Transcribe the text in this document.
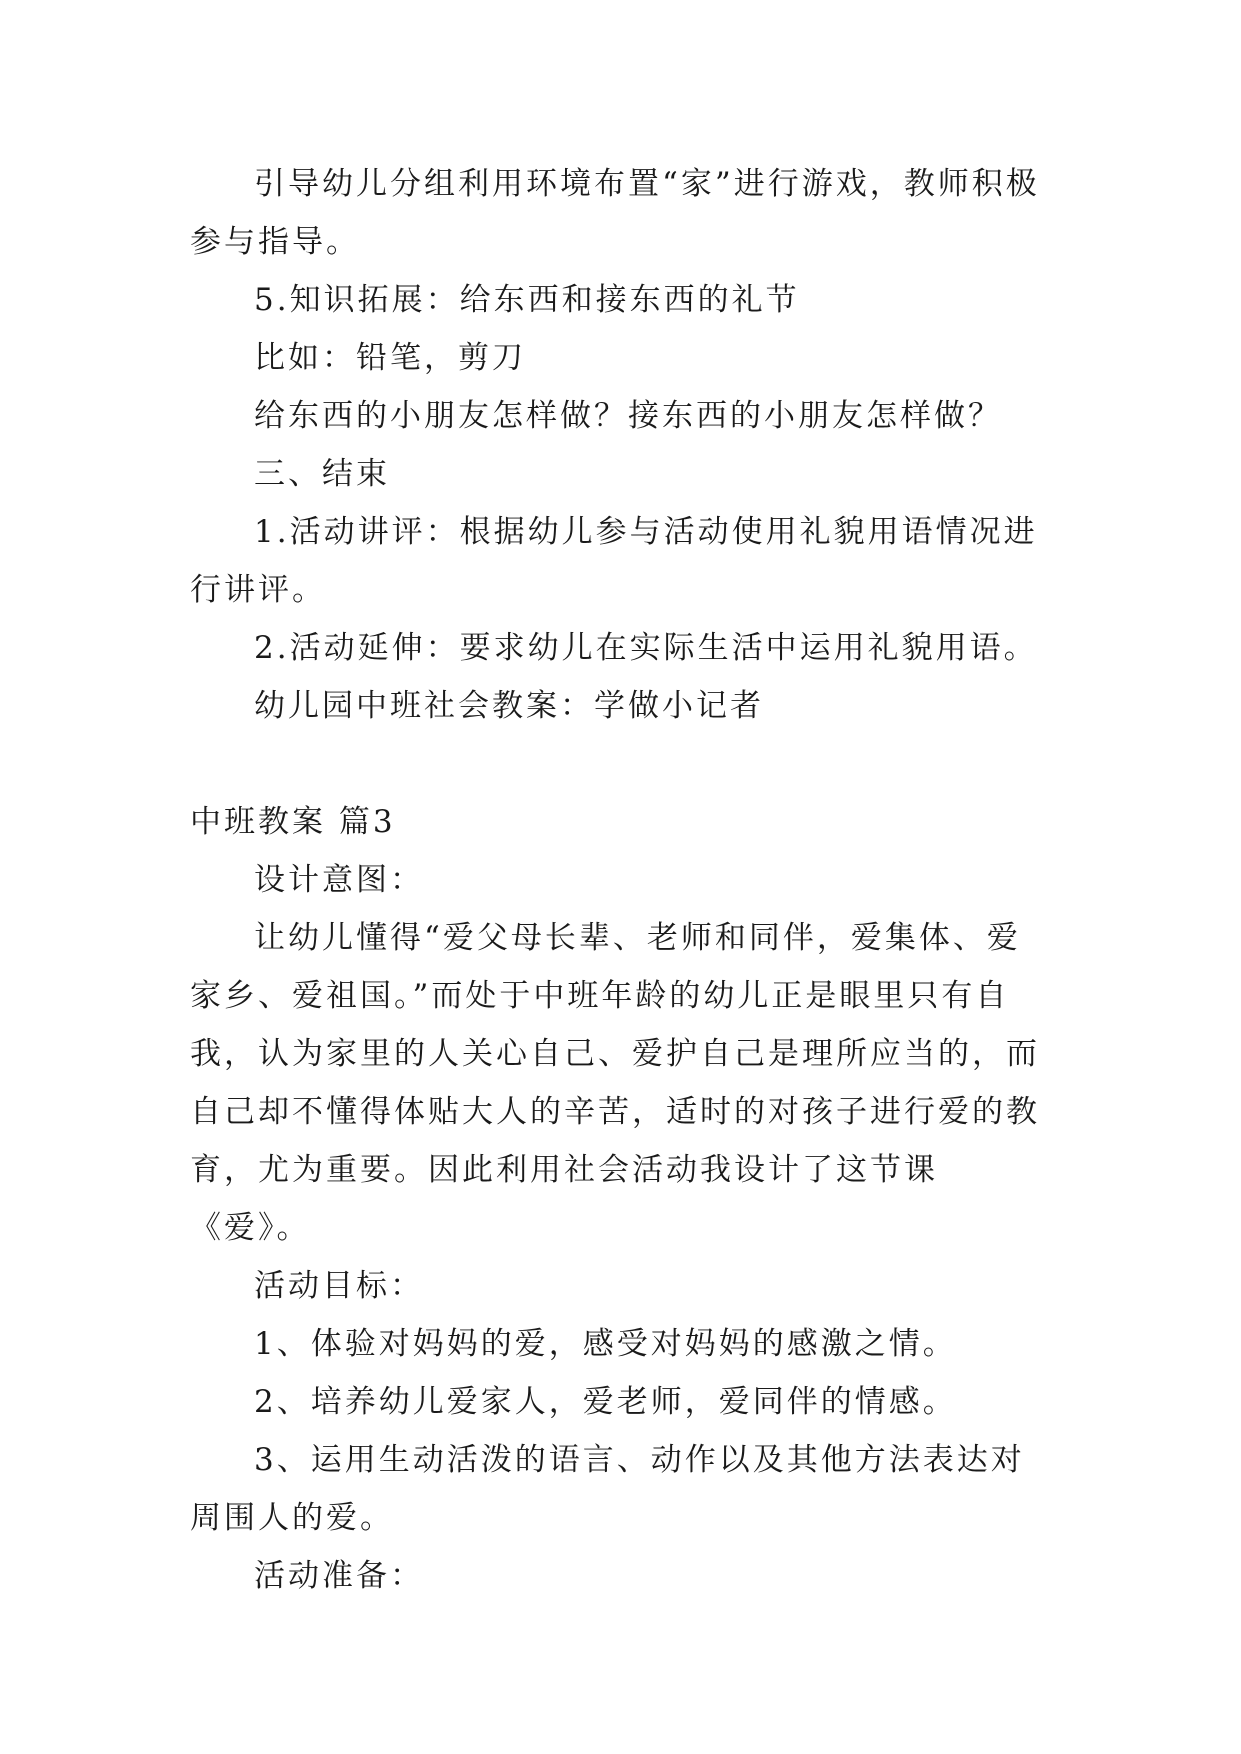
引导幼儿分组利用环境布置“家”进行游戏，教师积极参与指导。

5.知识拓展：给东西和接东西的礼节

比如：铅笔，剪刀

给东西的小朋友怎样做？接东西的小朋友怎样做？

三、结束

1.活动讲评：根据幼儿参与活动使用礼貌用语情况进行讲评。

2.活动延伸：要求幼儿在实际生活中运用礼貌用语。

幼儿园中班社会教案：学做小记者

中班教案 篇3

设计意图：

让幼儿懂得“爱父母长辈、老师和同伴，爱集体、爱家乡、爱祖国。”而处于中班年龄的幼儿正是眼里只有自我，认为家里的人关心自己、爱护自己是理所应当的，而自己却不懂得体贴大人的辛苦，适时的对孩子进行爱的教育，尤为重要。因此利用社会活动我设计了这节课《爱》。

活动目标：

1、体验对妈妈的爱，感受对妈妈的感激之情。

2、培养幼儿爱家人，爱老师，爱同伴的情感。

3、运用生动活泼的语言、动作以及其他方法表达对周围人的爱。

活动准备：
